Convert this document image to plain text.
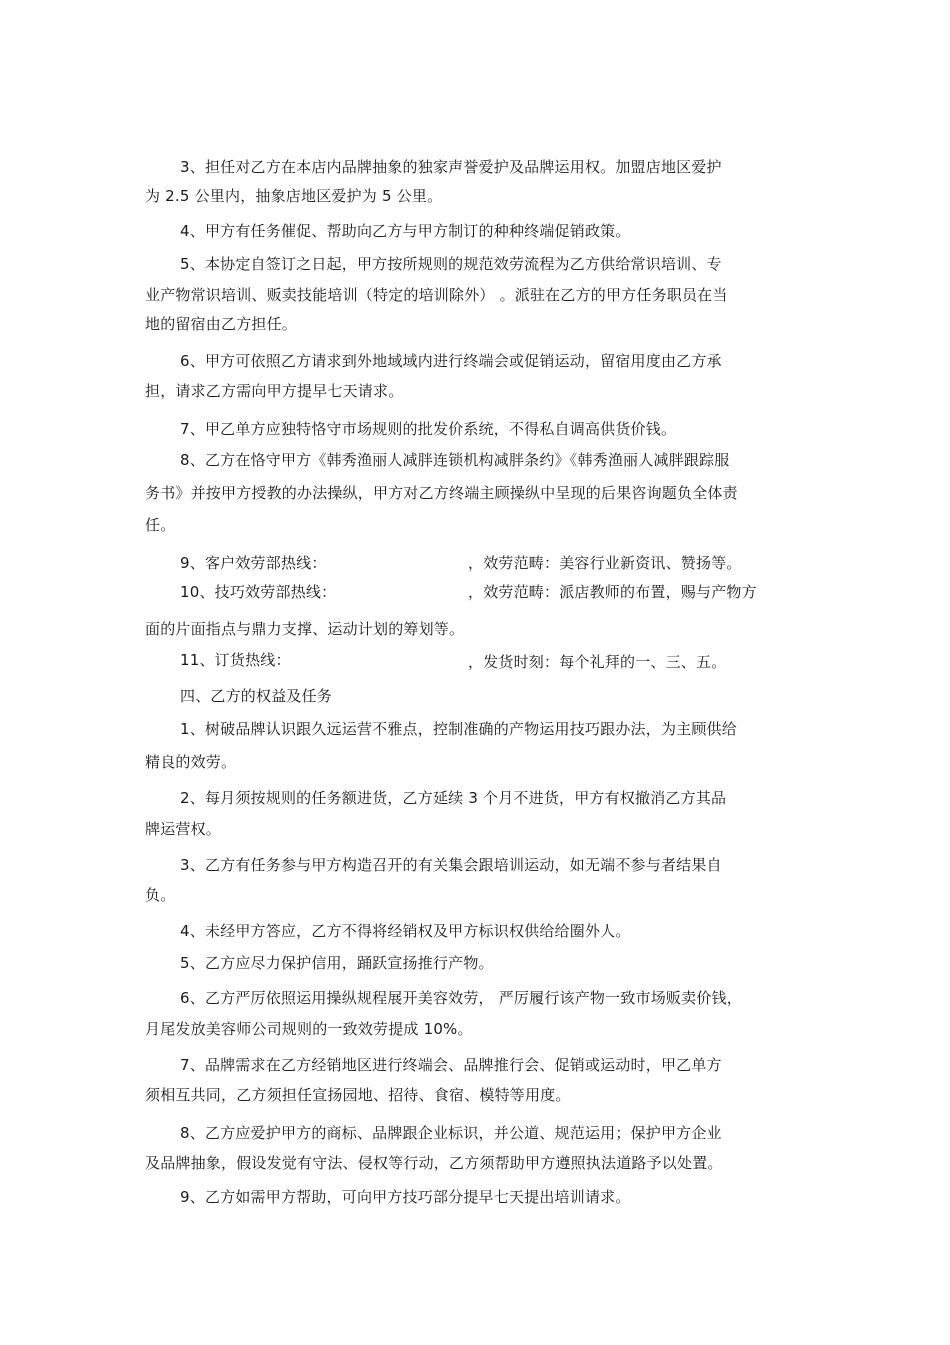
3、担任对乙方在本店内品牌抽象的独家声誉爱护及品牌运用权。加盟店地区爱护
为 2.5 公里内，抽象店地区爱护为 5 公里。
4、甲方有任务催促、帮助向乙方与甲方制订的种种终端促销政策。
5、本协定自签订之日起，甲方按所规则的规范效劳流程为乙方供给常识培训、专
业产物常识培训、贩卖技能培训（特定的培训除外） 。派驻在乙方的甲方任务职员在当
地的留宿由乙方担任。
6、甲方可依照乙方请求到外地域域内进行终端会或促销运动，留宿用度由乙方承
担，请求乙方需向甲方提早七天请求。
7、甲乙单方应独特恪守市场规则的批发价系统，不得私自调高供货价钱。
8、乙方在恪守甲方《韩秀渔丽人减胖连锁机构减胖条约》《韩秀渔丽人减胖跟踪服
务书》并按甲方授教的办法操纵，甲方对乙方终端主顾操纵中呈现的后果咨询题负全体责
任。
9、客户效劳部热线：	，效劳范畴：美容行业新资讯、赞扬等。
10、技巧效劳部热线：	，效劳范畴：派店教师的布置，赐与产物方
面的片面指点与鼎力支撑、运动计划的筹划等。
11、订货热线：	，发货时刻：每个礼拜的一、三、五。
四、乙方的权益及任务
1、树破品牌认识跟久远运营不雅点，控制准确的产物运用技巧跟办法，为主顾供给
精良的效劳。
2、每月须按规则的任务额进货，乙方延续 3 个月不进货，甲方有权撤消乙方其品
牌运营权。
3、乙方有任务参与甲方构造召开的有关集会跟培训运动，如无端不参与者结果自
负。
4、未经甲方答应，乙方不得将经销权及甲方标识权供给给圈外人。
5、乙方应尽力保护信用，踊跃宣扬推行产物。
6、乙方严厉依照运用操纵规程展开美容效劳， 严厉履行该产物一致市场贩卖价钱，
月尾发放美容师公司规则的一致效劳提成 10%。
7、品牌需求在乙方经销地区进行终端会、品牌推行会、促销或运动时，甲乙单方
须相互共同，乙方须担任宣扬园地、招待、食宿、模特等用度。
8、乙方应爱护甲方的商标、品牌跟企业标识，并公道、规范运用；保护甲方企业
及品牌抽象，假设发觉有守法、侵权等行动，乙方须帮助甲方遵照执法道路予以处置。
9、乙方如需甲方帮助，可向甲方技巧部分提早七天提出培训请求。
